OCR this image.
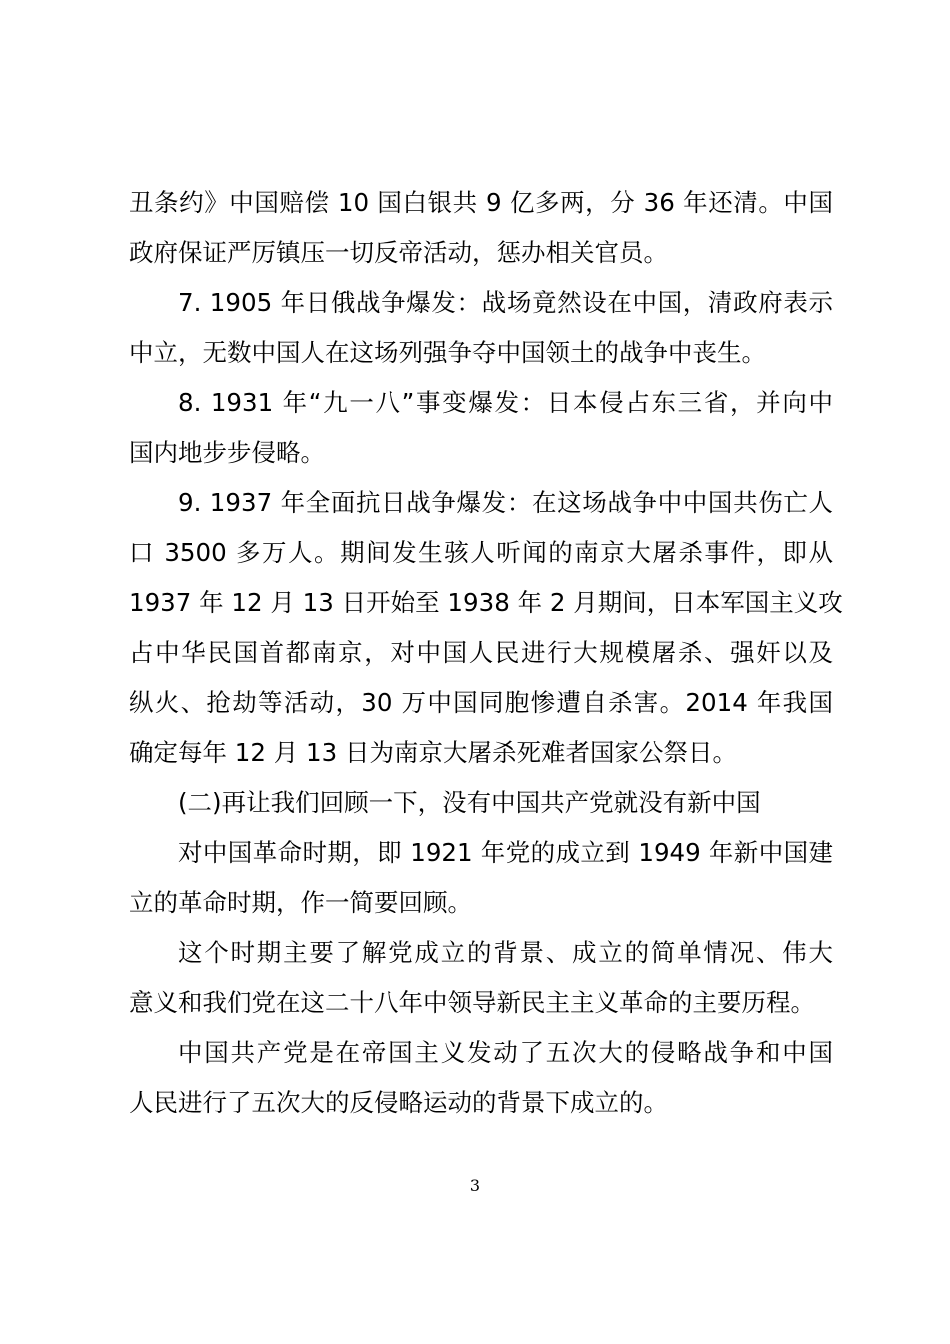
丑条约》中国赔偿 10 国白银共 9 亿多两，分 36 年还清。中国
政府保证严厉镇压一切反帝活动，惩办相关官员。
7. 1905 年日俄战争爆发：战场竟然设在中国，清政府表示
中立，无数中国人在这场列强争夺中国领土的战争中丧生。
8. 1931 年“九一八”事变爆发：日本侵占东三省，并向中
国内地步步侵略。
9. 1937 年全面抗日战争爆发：在这场战争中中国共伤亡人
口 3500 多万人。期间发生骇人听闻的南京大屠杀事件，即从
1937 年 12 月 13 日开始至 1938 年 2 月期间，日本军国主义攻
占中华民国首都南京，对中国人民进行大规模屠杀、强奸以及
纵火、抢劫等活动，30 万中国同胞惨遭自杀害。2014 年我国
确定每年 12 月 13 日为南京大屠杀死难者国家公祭日。
(二)再让我们回顾一下，没有中国共产党就没有新中国
对中国革命时期，即 1921 年党的成立到 1949 年新中国建
立的革命时期，作一简要回顾。
这个时期主要了解党成立的背景、成立的简单情况、伟大
意义和我们党在这二十八年中领导新民主主义革命的主要历程。
中国共产党是在帝国主义发动了五次大的侵略战争和中国
人民进行了五次大的反侵略运动的背景下成立的。
3
